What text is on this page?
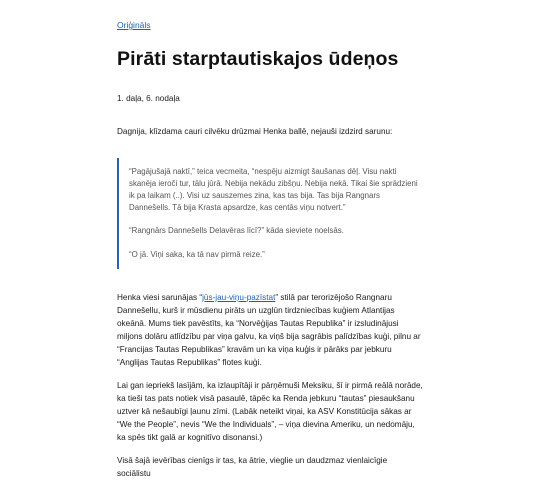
Oriģināls
Pirāti starptautiskajos ūdeņos

1. daļa, 6. nodaļa

Dagnija, klīzdama cauri cilvēku drūzmai Henka ballē, nejauši izdzird sarunu:

“Pagājušajā naktī,” teica vecmeita, “nespēju aizmigt šaušanas dēļ. Visu nakti skanēja ieroči tur, tālu jūrā. Nebija nekādu zibšņu. Nebija nekā. Tikai šie sprādzieni ik pa laikam (..). Visi uz sauszemes zina, kas tas bija. Tas bija Rangnars Dannešells. Tā bija Krasta apsardze, kas centās viņu notvert.”

“Rangnārs Dannešells Delavēras līcī?” kāda sieviete noelsās.

“O jā. Viņi saka, ka tā nav pirmā reize.”

Henka viesi sarunājas “jūs-jau-viņu-pazīstat” stilā par terorizējošo Rangnaru Dannešellu, kurš ir mūsdienu pirāts un uzglūn tirdzniecības kuģiem Atlantijas okeānā. Mums tiek pavēstīts, ka “Norvēģijas Tautas Republika” ir izsludinājusi miljons dolāru atlīdzību par viņa galvu, ka viņš bija sagrābis palīdzības kuģi, pilnu ar “Francijas Tautas Republikas” kravām un ka viņa kuģis ir pārāks par jebkuru “Anglijas Tautas Republikas” flotes kuģi.

Lai gan iepriekš lasījām, ka izlaupītāji ir pārņēmuši Meksiku, šī ir pirmā reālā norāde, ka tieši tas pats notiek visā pasaulē, tāpēc ka Renda jebkuru “tautas” piesaukšanu uztver kā nešaubīgi ļaunu zīmi. (Labāk neteikt viņai, ka ASV Konstitūcija sākas ar “We the People”, nevis “We the Individuals”, – viņa dievina Ameriku, un nedomāju, ka spēs tikt galā ar kognitīvo disonansi.)

Visā šajā ievērības cienīgs ir tas, ka ātrie, vieglie un daudzmaz vienlaicīgie sociālistu
